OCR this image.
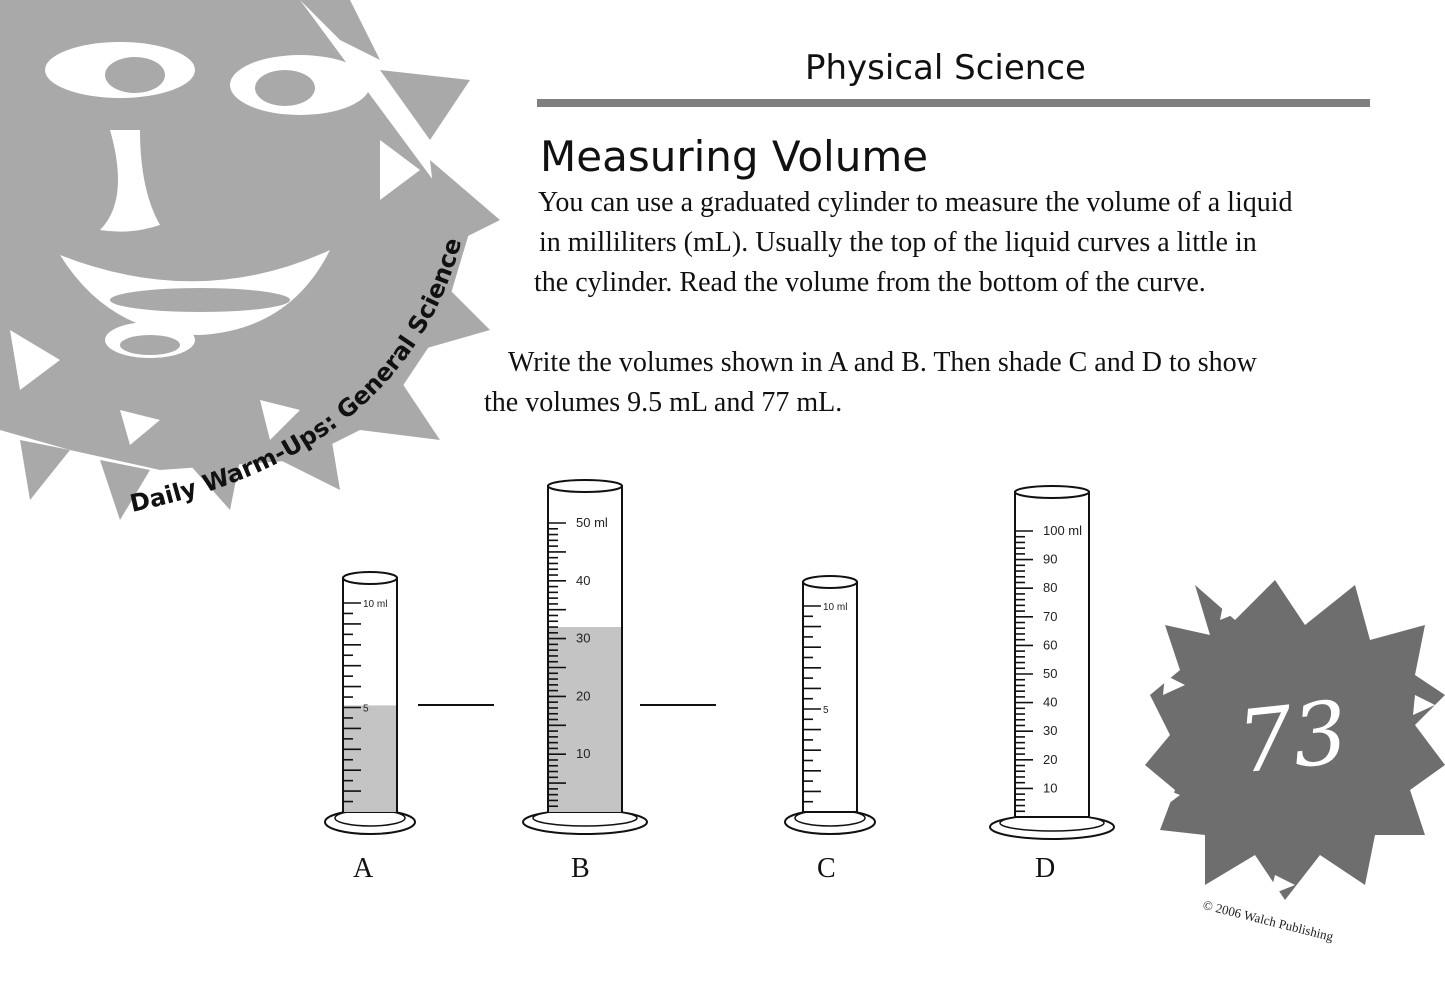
Daily Warm-Ups: General Science
Physical Science
Measuring Volume
You can use a graduated cylinder to measure the volume of a liquid
in milliliters (mL). Usually the top of the liquid curves a little in
the cylinder. Read the volume from the bottom of the curve.
Write the volumes shown in A and B. Then shade C and D to show
the volumes 9.5 mL and 77 mL.
10 ml
5
50 ml
40
30
20
10
10 ml
5
100 ml
90
80
70
60
50
40
30
20
10
A	B	C	D
73
© 2006 Walch Publishing
